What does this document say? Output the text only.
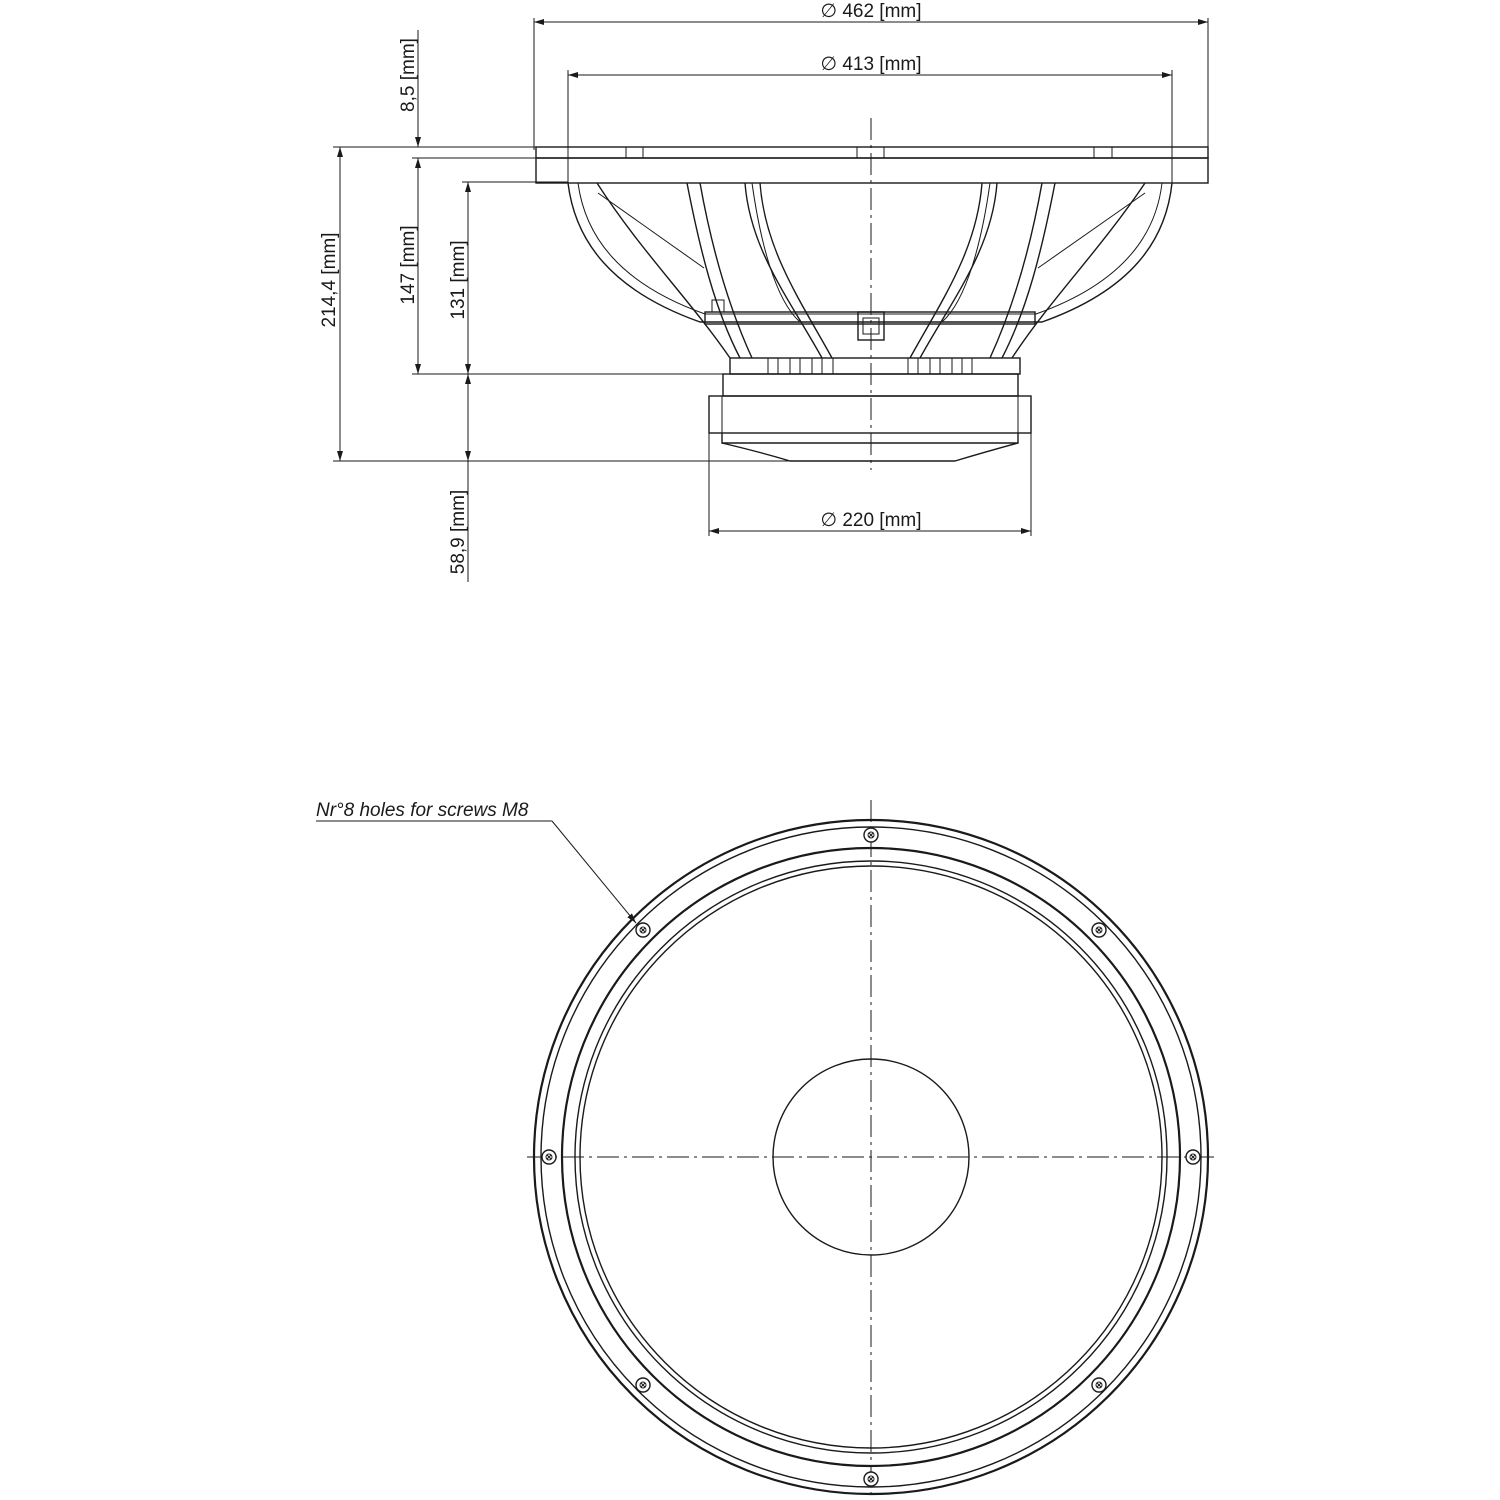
∅ 462 [mm]
∅ 413 [mm]
∅ 220 [mm]
214,4 [mm]
8,5 [mm]
147 [mm] 131 [mm]
58,9 [mm]
Nr°8 holes for screws M8
